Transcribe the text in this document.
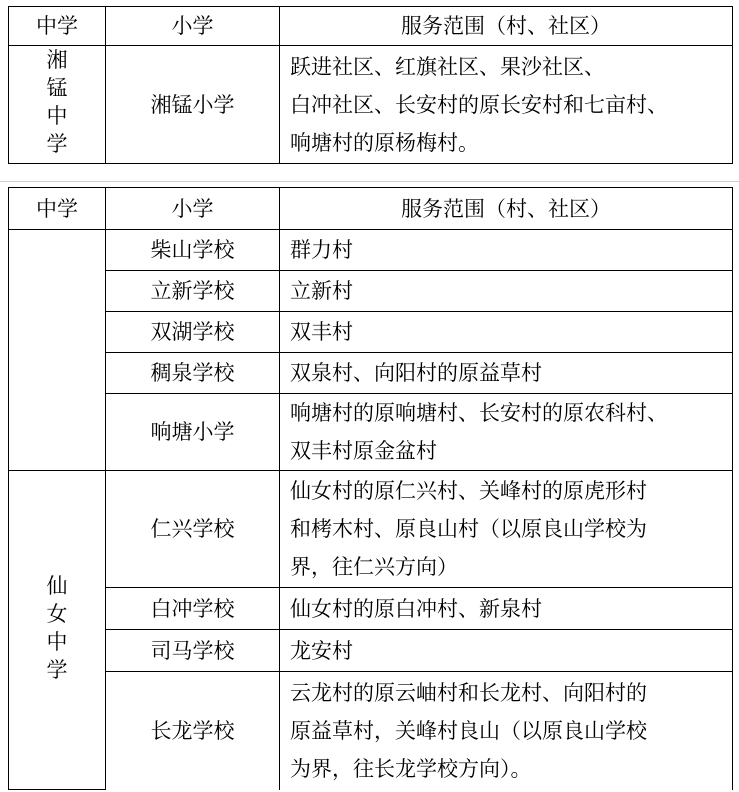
中学	小学	服务范围（村、社区）
湘锰中学	湘锰小学	跃进社区、红旗社区、果沙社区、
白冲社区、长安村的原长安村和七亩村、
响塘村的原杨梅村。
中学	小学	服务范围（村、社区）
	柴山学校	群力村

	立新学校	立新村

	双湖学校	双丰村

	稠泉学校	双泉村、向阳村的原益草村

	响塘小学	响塘村的原响塘村、长安村的原农科村、
双丰村原金盆村

仙女中学	仁兴学校	仙女村的原仁兴村、关峰村的原虎形村
和栲木村、原良山村（以原良山学校为
界，往仁兴方向）

	白冲学校	仙女村的原白冲村、新泉村

	司马学校	龙安村

	长龙学校	云龙村的原云岫村和长龙村、向阳村的
原益草村，关峰村良山（以原良山学校
为界，往长龙学校方向）。
